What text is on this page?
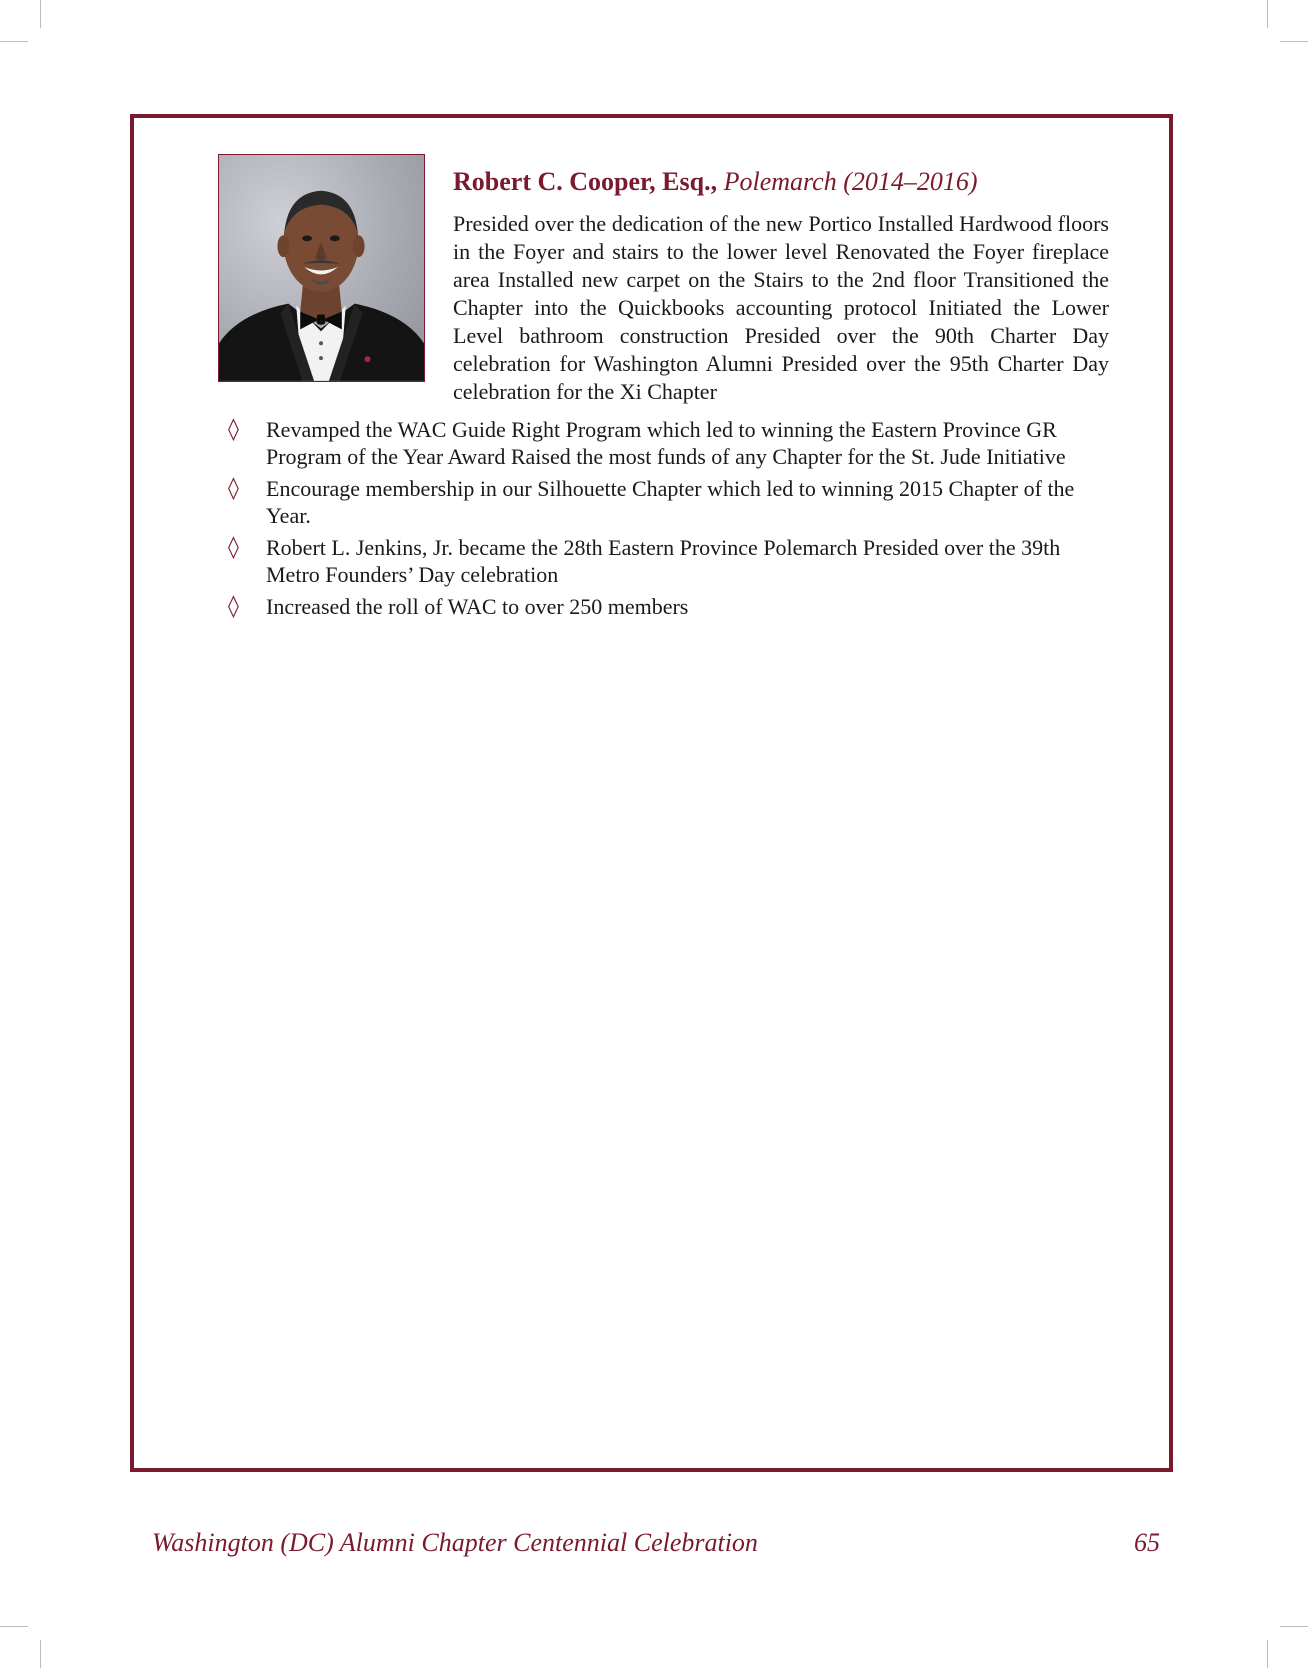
Robert C. Cooper, Esq., Polemarch (2014–2016)

Presided over the dedication of the new Portico Installed Hardwood floors in the Foyer and stairs to the lower level Renovated the Foyer fireplace area Installed new carpet on the Stairs to the 2nd floor Transitioned the Chapter into the Quickbooks accounting protocol Initiated the Lower Level bathroom construction Presided over the 90th Charter Day celebration for Washington Alumni Presided over the 95th Charter Day celebration for the Xi Chapter

◊ Revamped the WAC Guide Right Program which led to winning the Eastern Province GR Program of the Year Award Raised the most funds of any Chapter for the St. Jude Initiative
◊ Encourage membership in our Silhouette Chapter which led to winning 2015 Chapter of the Year.
◊ Robert L. Jenkins, Jr. became the 28th Eastern Province Polemarch Presided over the 39th Metro Founders’ Day celebration
◊ Increased the roll of WAC to over 250 members
Washington (DC) Alumni Chapter Centennial Celebration	65
